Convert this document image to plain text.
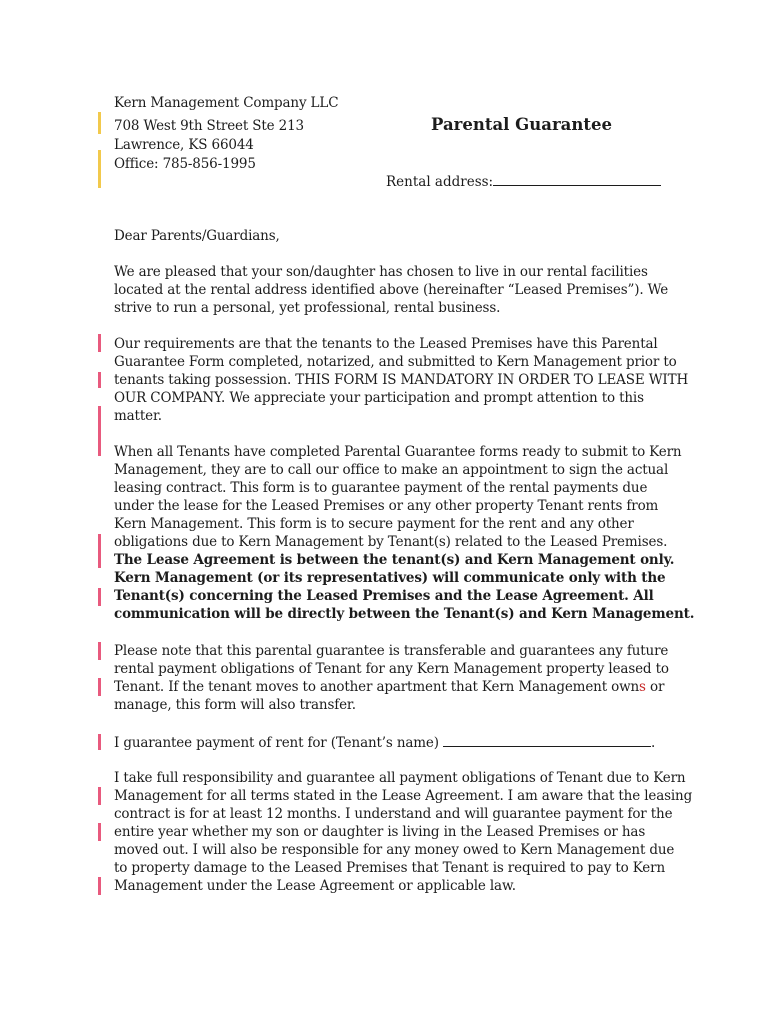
Kern Management Company LLC
708 West 9th Street Ste 213
Lawrence, KS 66044
Office: 785-856-1995
Parental Guarantee
Rental address:
Dear Parents/Guardians,
We are pleased that your son/daughter has chosen to live in our rental facilities
located at the rental address identified above (hereinafter “Leased Premises”). We
strive to run a personal, yet professional, rental business.
Our requirements are that the tenants to the Leased Premises have this Parental
Guarantee Form completed, notarized, and submitted to Kern Management prior to
tenants taking possession. THIS FORM IS MANDATORY IN ORDER TO LEASE WITH
OUR COMPANY. We appreciate your participation and prompt attention to this
matter.
When all Tenants have completed Parental Guarantee forms ready to submit to Kern
Management, they are to call our office to make an appointment to sign the actual
leasing contract. This form is to guarantee payment of the rental payments due
under the lease for the Leased Premises or any other property Tenant rents from
Kern Management. This form is to secure payment for the rent and any other
obligations due to Kern Management by Tenant(s) related to the Leased Premises.
The Lease Agreement is between the tenant(s) and Kern Management only.
Kern Management (or its representatives) will communicate only with the
Tenant(s) concerning the Leased Premises and the Lease Agreement. All
communication will be directly between the Tenant(s) and Kern Management.
Please note that this parental guarantee is transferable and guarantees any future
rental payment obligations of Tenant for any Kern Management property leased to
Tenant. If the tenant moves to another apartment that Kern Management owns or
manage, this form will also transfer.
I guarantee payment of rent for (Tenant’s name)	.
I take full responsibility and guarantee all payment obligations of Tenant due to Kern
Management for all terms stated in the Lease Agreement. I am aware that the leasing
contract is for at least 12 months. I understand and will guarantee payment for the
entire year whether my son or daughter is living in the Leased Premises or has
moved out. I will also be responsible for any money owed to Kern Management due
to property damage to the Leased Premises that Tenant is required to pay to Kern
Management under the Lease Agreement or applicable law.
